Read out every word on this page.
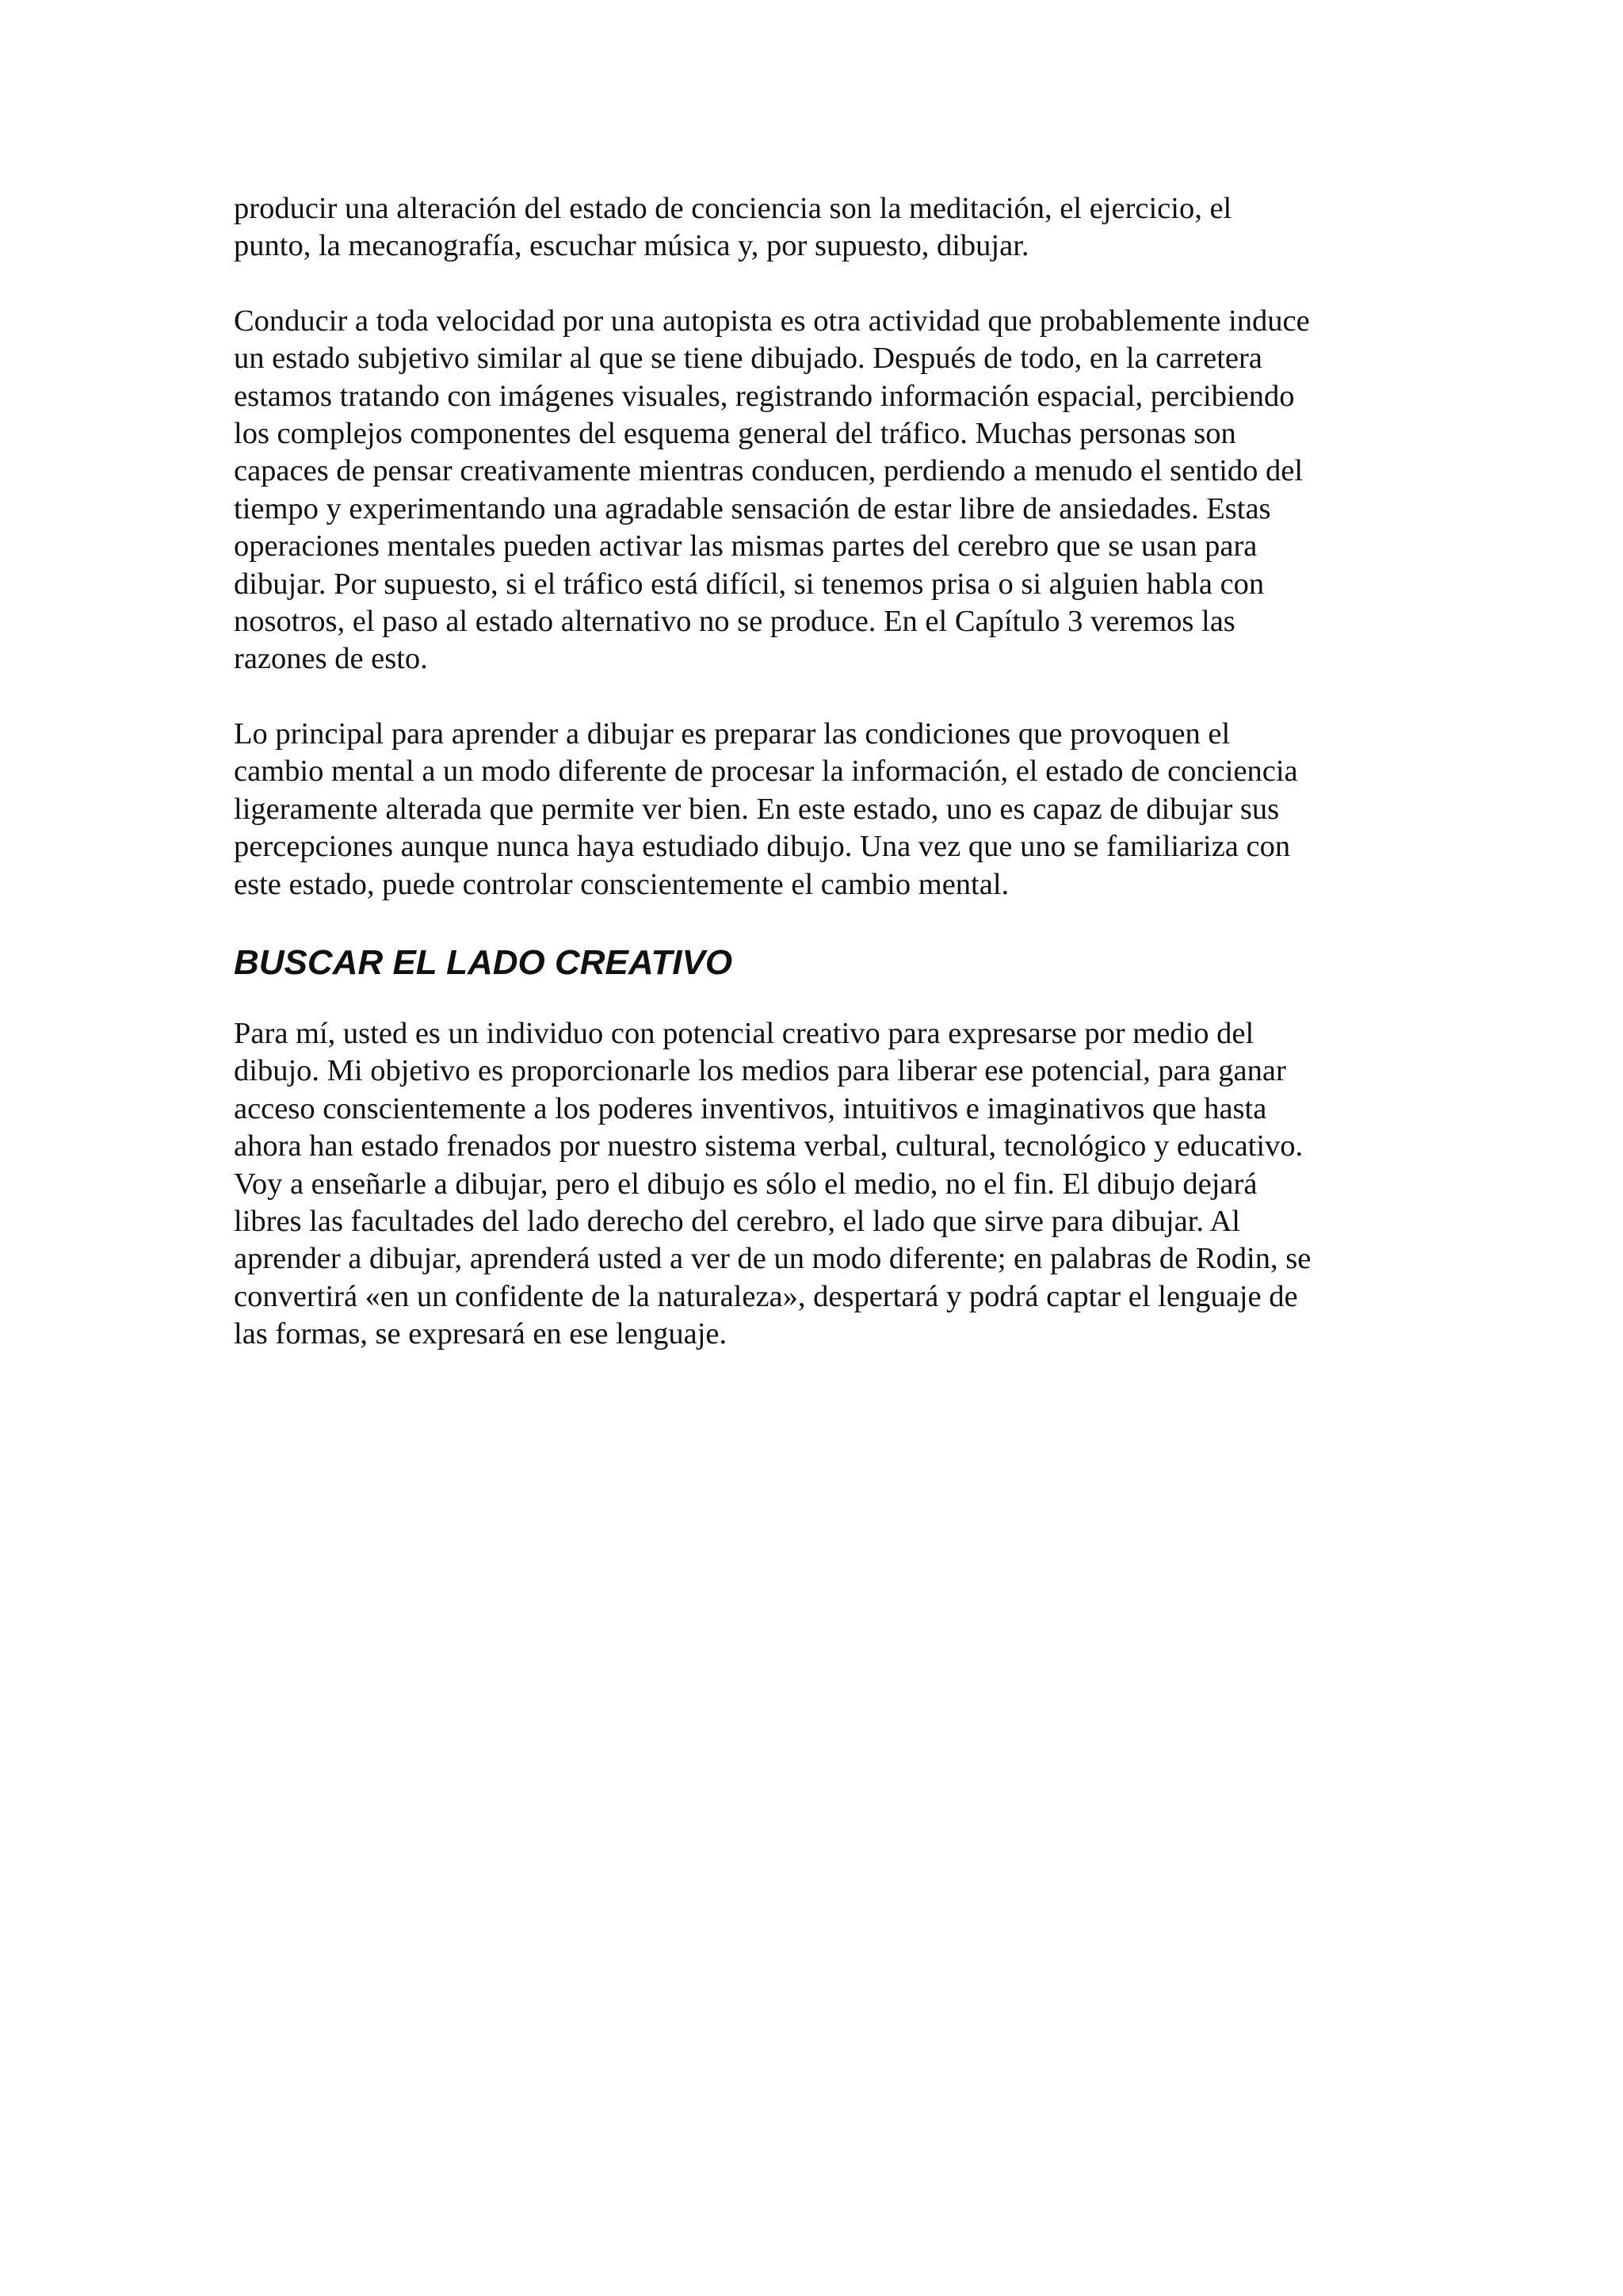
producir una alteración del estado de conciencia son la meditación, el ejercicio, el
punto, la mecanografía, escuchar música y, por supuesto, dibujar.

Conducir a toda velocidad por una autopista es otra actividad que probablemente induce
un estado subjetivo similar al que se tiene dibujado. Después de todo, en la carretera
estamos tratando con imágenes visuales, registrando información espacial, percibiendo
los complejos componentes del esquema general del tráfico. Muchas personas son
capaces de pensar creativamente mientras conducen, perdiendo a menudo el sentido del
tiempo y experimentando una agradable sensación de estar libre de ansiedades. Estas
operaciones mentales pueden activar las mismas partes del cerebro que se usan para
dibujar. Por supuesto, si el tráfico está difícil, si tenemos prisa o si alguien habla con
nosotros, el paso al estado alternativo no se produce. En el Capítulo 3 veremos las
razones de esto.

Lo principal para aprender a dibujar es preparar las condiciones que provoquen el
cambio mental a un modo diferente de procesar la información, el estado de conciencia
ligeramente alterada que permite ver bien. En este estado, uno es capaz de dibujar sus
percepciones aunque nunca haya estudiado dibujo. Una vez que uno se familiariza con
este estado, puede controlar conscientemente el cambio mental.

BUSCAR EL LADO CREATIVO

Para mí, usted es un individuo con potencial creativo para expresarse por medio del
dibujo. Mi objetivo es proporcionarle los medios para liberar ese potencial, para ganar
acceso conscientemente a los poderes inventivos, intuitivos e imaginativos que hasta
ahora han estado frenados por nuestro sistema verbal, cultural, tecnológico y educativo.
Voy a enseñarle a dibujar, pero el dibujo es sólo el medio, no el fin. El dibujo dejará
libres las facultades del lado derecho del cerebro, el lado que sirve para dibujar. Al
aprender a dibujar, aprenderá usted a ver de un modo diferente; en palabras de Rodin, se
convertirá «en un confidente de la naturaleza», despertará y podrá captar el lenguaje de
las formas, se expresará en ese lenguaje.
